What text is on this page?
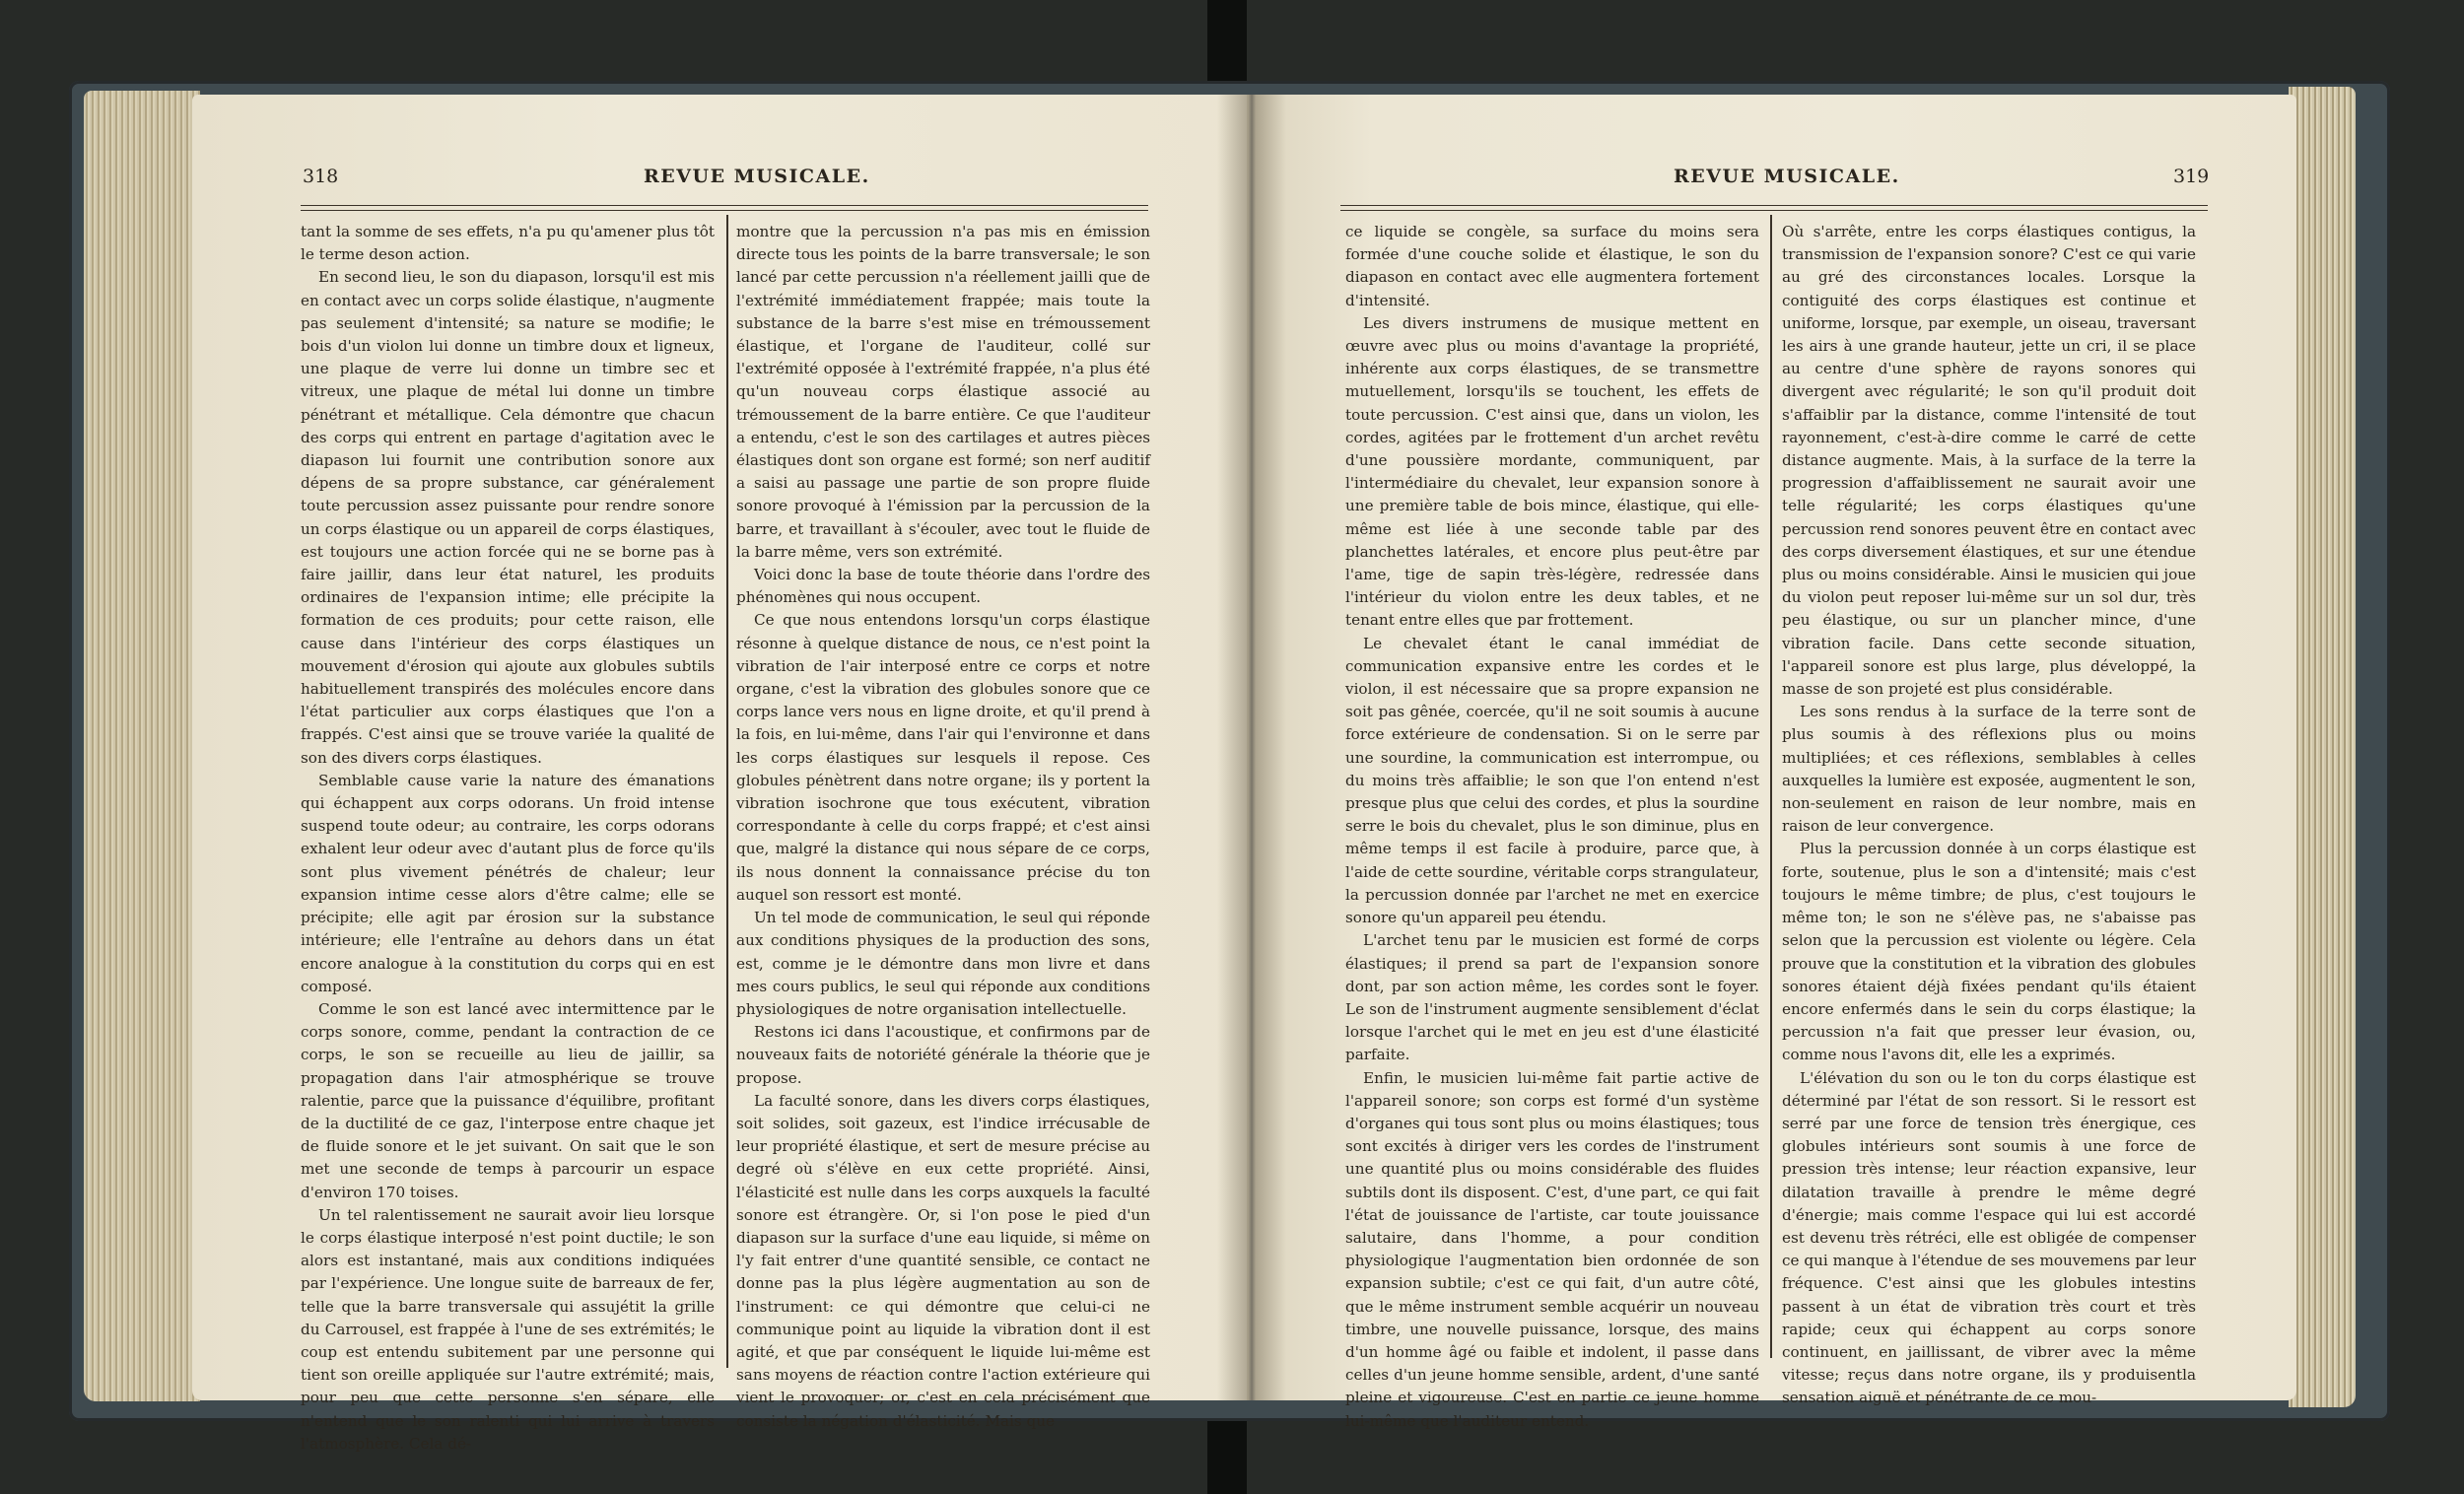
318	REVUE MUSICALE.

tant la somme de ses effets, n'a pu qu'amener plus tôt le terme deson action.

En second lieu, le son du diapason, lorsqu'il est mis en contact avec un corps solide élastique, n'augmente pas seulement d'intensité; sa nature se modifie; le bois d'un violon lui donne un timbre doux et ligneux, une plaque de verre lui donne un timbre sec et vitreux, une plaque de métal lui donne un timbre pénétrant et métallique. Cela démontre que chacun des corps qui entrent en partage d'agitation avec le diapason lui fournit une contribution sonore aux dépens de sa propre substance, car généralement toute percussion assez puissante pour rendre sonore un corps élastique ou un appareil de corps élastiques, est toujours une action forcée qui ne se borne pas à faire jaillir, dans leur état naturel, les produits ordinaires de l'expansion intime; elle précipite la formation de ces produits; pour cette raison, elle cause dans l'intérieur des corps élastiques un mouvement d'érosion qui ajoute aux globules subtils habituellement transpirés des molécules encore dans l'état particulier aux corps élastiques que l'on a frappés. C'est ainsi que se trouve variée la qualité de son des divers corps élastiques.

Semblable cause varie la nature des émanations qui échappent aux corps odorans. Un froid intense suspend toute odeur; au contraire, les corps odorans exhalent leur odeur avec d'autant plus de force qu'ils sont plus vivement pénétrés de chaleur; leur expansion intime cesse alors d'être calme; elle se précipite; elle agit par érosion sur la substance intérieure; elle l'entraîne au dehors dans un état encore analogue à la constitution du corps qui en est composé.

Comme le son est lancé avec intermittence par le corps sonore, comme, pendant la contraction de ce corps, le son se recueille au lieu de jaillir, sa propagation dans l'air atmosphérique se trouve ralentie, parce que la puissance d'équilibre, profitant de la ductilité de ce gaz, l'interpose entre chaque jet de fluide sonore et le jet suivant. On sait que le son met une seconde de temps à parcourir un espace d'environ 170 toises.

Un tel ralentissement ne saurait avoir lieu lorsque le corps élastique interposé n'est point ductile; le son alors est instantané, mais aux conditions indiquées par l'expérience. Une longue suite de barreaux de fer, telle que la barre transversale qui assujétit la grille du Carrousel, est frappée à l'une de ses extrémités; le coup est entendu subitement par une personne qui tient son oreille appliquée sur l'autre extrémité; mais, pour peu que cette personne s'en sépare, elle n'entend que le son ralenti qui lui arrive à travers l'atmosphère. Cela dé-

montre que la percussion n'a pas mis en émission directe tous les points de la barre transversale; le son lancé par cette percussion n'a réellement jailli que de l'extrémité immédiatement frappée; mais toute la substance de la barre s'est mise en trémoussement élastique, et l'organe de l'auditeur, collé sur l'extrémité opposée à l'extrémité frappée, n'a plus été qu'un nouveau corps élastique associé au trémoussement de la barre entière. Ce que l'auditeur a entendu, c'est le son des cartilages et autres pièces élastiques dont son organe est formé; son nerf auditif a saisi au passage une partie de son propre fluide sonore provoqué à l'émission par la percussion de la barre, et travaillant à s'écouler, avec tout le fluide de la barre même, vers son extrémité.

Voici donc la base de toute théorie dans l'ordre des phénomènes qui nous occupent.

Ce que nous entendons lorsqu'un corps élastique résonne à quelque distance de nous, ce n'est point la vibration de l'air interposé entre ce corps et notre organe, c'est la vibration des globules sonore que ce corps lance vers nous en ligne droite, et qu'il prend à la fois, en lui-même, dans l'air qui l'environne et dans les corps élastiques sur lesquels il repose. Ces globules pénètrent dans notre organe; ils y portent la vibration isochrone que tous exécutent, vibration correspondante à celle du corps frappé; et c'est ainsi que, malgré la distance qui nous sépare de ce corps, ils nous donnent la connaissance précise du ton auquel son ressort est monté.

Un tel mode de communication, le seul qui réponde aux conditions physiques de la production des sons, est, comme je le démontre dans mon livre et dans mes cours publics, le seul qui réponde aux conditions physiologiques de notre organisation intellectuelle.

Restons ici dans l'acoustique, et confirmons par de nouveaux faits de notoriété générale la théorie que je propose.

La faculté sonore, dans les divers corps élastiques, soit solides, soit gazeux, est l'indice irrécusable de leur propriété élastique, et sert de mesure précise au degré où s'élève en eux cette propriété. Ainsi, l'élasticité est nulle dans les corps auxquels la faculté sonore est étrangère. Or, si l'on pose le pied d'un diapason sur la surface d'une eau liquide, si même on l'y fait entrer d'une quantité sensible, ce contact ne donne pas la plus légère augmentation au son de l'instrument: ce qui démontre que celui-ci ne communique point au liquide la vibration dont il est agité, et que par conséquent le liquide lui-même est sans moyens de réaction contre l'action extérieure qui vient le provoquer; or, c'est en cela précisément que consiste la négation d'élasticité. Mais que

REVUE MUSICALE.	319

ce liquide se congèle, sa surface du moins sera formée d'une couche solide et élastique, le son du diapason en contact avec elle augmentera fortement d'intensité.

Les divers instrumens de musique mettent en œuvre avec plus ou moins d'avantage la propriété, inhérente aux corps élastiques, de se transmettre mutuellement, lorsqu'ils se touchent, les effets de toute percussion. C'est ainsi que, dans un violon, les cordes, agitées par le frottement d'un archet revêtu d'une poussière mordante, communiquent, par l'intermédiaire du chevalet, leur expansion sonore à une première table de bois mince, élastique, qui elle-même est liée à une seconde table par des planchettes latérales, et encore plus peut-être par l'ame, tige de sapin très-légère, redressée dans l'intérieur du violon entre les deux tables, et ne tenant entre elles que par frottement.

Le chevalet étant le canal immédiat de communication expansive entre les cordes et le violon, il est nécessaire que sa propre expansion ne soit pas gênée, coercée, qu'il ne soit soumis à aucune force extérieure de condensation. Si on le serre par une sourdine, la communication est interrompue, ou du moins très affaiblie; le son que l'on entend n'est presque plus que celui des cordes, et plus la sourdine serre le bois du chevalet, plus le son diminue, plus en même temps il est facile à produire, parce que, à l'aide de cette sourdine, véritable corps strangulateur, la percussion donnée par l'archet ne met en exercice sonore qu'un appareil peu étendu.

L'archet tenu par le musicien est formé de corps élastiques; il prend sa part de l'expansion sonore dont, par son action même, les cordes sont le foyer. Le son de l'instrument augmente sensiblement d'éclat lorsque l'archet qui le met en jeu est d'une élasticité parfaite.

Enfin, le musicien lui-même fait partie active de l'appareil sonore; son corps est formé d'un système d'organes qui tous sont plus ou moins élastiques; tous sont excités à diriger vers les cordes de l'instrument une quantité plus ou moins considérable des fluides subtils dont ils disposent. C'est, d'une part, ce qui fait l'état de jouissance de l'artiste, car toute jouissance salutaire, dans l'homme, a pour condition physiologique l'augmentation bien ordonnée de son expansion subtile; c'est ce qui fait, d'un autre côté, que le même instrument semble acquérir un nouveau timbre, une nouvelle puissance, lorsque, des mains d'un homme âgé ou faible et indolent, il passe dans celles d'un jeune homme sensible, ardent, d'une santé pleine et vigoureuse. C'est en partie ce jeune homme lui-même que l'auditeur entend.

Où s'arrête, entre les corps élastiques contigus, la transmission de l'expansion sonore? C'est ce qui varie au gré des circonstances locales. Lorsque la contiguité des corps élastiques est continue et uniforme, lorsque, par exemple, un oiseau, traversant les airs à une grande hauteur, jette un cri, il se place au centre d'une sphère de rayons sonores qui divergent avec régularité; le son qu'il produit doit s'affaiblir par la distance, comme l'intensité de tout rayonnement, c'est-à-dire comme le carré de cette distance augmente. Mais, à la surface de la terre la progression d'affaiblissement ne saurait avoir une telle régularité; les corps élastiques qu'une percussion rend sonores peuvent être en contact avec des corps diversement élastiques, et sur une étendue plus ou moins considérable. Ainsi le musicien qui joue du violon peut reposer lui-même sur un sol dur, très peu élastique, ou sur un plancher mince, d'une vibration facile. Dans cette seconde situation, l'appareil sonore est plus large, plus développé, la masse de son projeté est plus considérable.

Les sons rendus à la surface de la terre sont de plus soumis à des réflexions plus ou moins multipliées; et ces réflexions, semblables à celles auxquelles la lumière est exposée, augmentent le son, non-seulement en raison de leur nombre, mais en raison de leur convergence.

Plus la percussion donnée à un corps élastique est forte, soutenue, plus le son a d'intensité; mais c'est toujours le même timbre; de plus, c'est toujours le même ton; le son ne s'élève pas, ne s'abaisse pas selon que la percussion est violente ou légère. Cela prouve que la constitution et la vibration des globules sonores étaient déjà fixées pendant qu'ils étaient encore enfermés dans le sein du corps élastique; la percussion n'a fait que presser leur évasion, ou, comme nous l'avons dit, elle les a exprimés.

L'élévation du son ou le ton du corps élastique est déterminé par l'état de son ressort. Si le ressort est serré par une force de tension très énergique, ces globules intérieurs sont soumis à une force de pression très intense; leur réaction expansive, leur dilatation travaille à prendre le même degré d'énergie; mais comme l'espace qui lui est accordé est devenu très rétréci, elle est obligée de compenser ce qui manque à l'étendue de ses mouvemens par leur fréquence. C'est ainsi que les globules intestins passent à un état de vibration très court et très rapide; ceux qui échappent au corps sonore continuent, en jaillissant, de vibrer avec la même vitesse; reçus dans notre organe, ils y produisentla sensation aiguë et pénétrante de ce mou-
